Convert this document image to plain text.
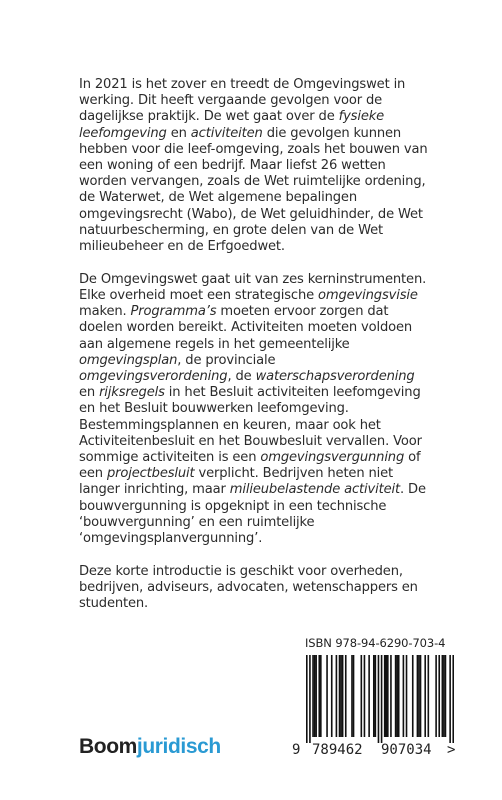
In 2021 is het zover en treedt de Omgevingswet in werking. Dit heeft vergaande gevolgen voor de dagelijkse praktijk. De wet gaat over de fysieke leefomgeving en activiteiten die gevolgen kunnen hebben voor die leef-omgeving, zoals het bouwen van een woning of een bedrijf. Maar liefst 26 wetten worden vervangen, zoals de Wet ruimtelijke ordening, de Waterwet, de Wet algemene bepalingen omgevingsrecht (Wabo), de Wet geluidhinder, de Wet natuurbescherming, en grote delen van de Wet milieubeheer en de Erfgoedwet.

De Omgevingswet gaat uit van zes kerninstrumenten. Elke overheid moet een strategische omgevingsvisie maken. Programma’s moeten ervoor zorgen dat doelen worden bereikt. Activiteiten moeten voldoen aan algemene regels in het gemeentelijke omgevingsplan, de provinciale omgevingsverordening, de waterschapsverordening en rijksregels in het Besluit activiteiten leefomgeving en het Besluit bouwwerken leefomgeving. Bestemmingsplannen en keuren, maar ook het Activiteitenbesluit en het Bouwbesluit vervallen. Voor sommige activiteiten is een omgevingsvergunning of een projectbesluit verplicht. Bedrijven heten niet langer inrichting, maar milieubelastende activiteit. De bouwvergunning is opgeknipt in een technische ‘bouwvergunning’ en een ruimtelijke ‘omgevingsplanvergunning’.

Deze korte introductie is geschikt voor overheden, bedrijven, adviseurs, advocaten, wetenschappers en studenten.

ISBN 978-94-6290-703-4
9 789462 907034 >
Boomjuridisch
